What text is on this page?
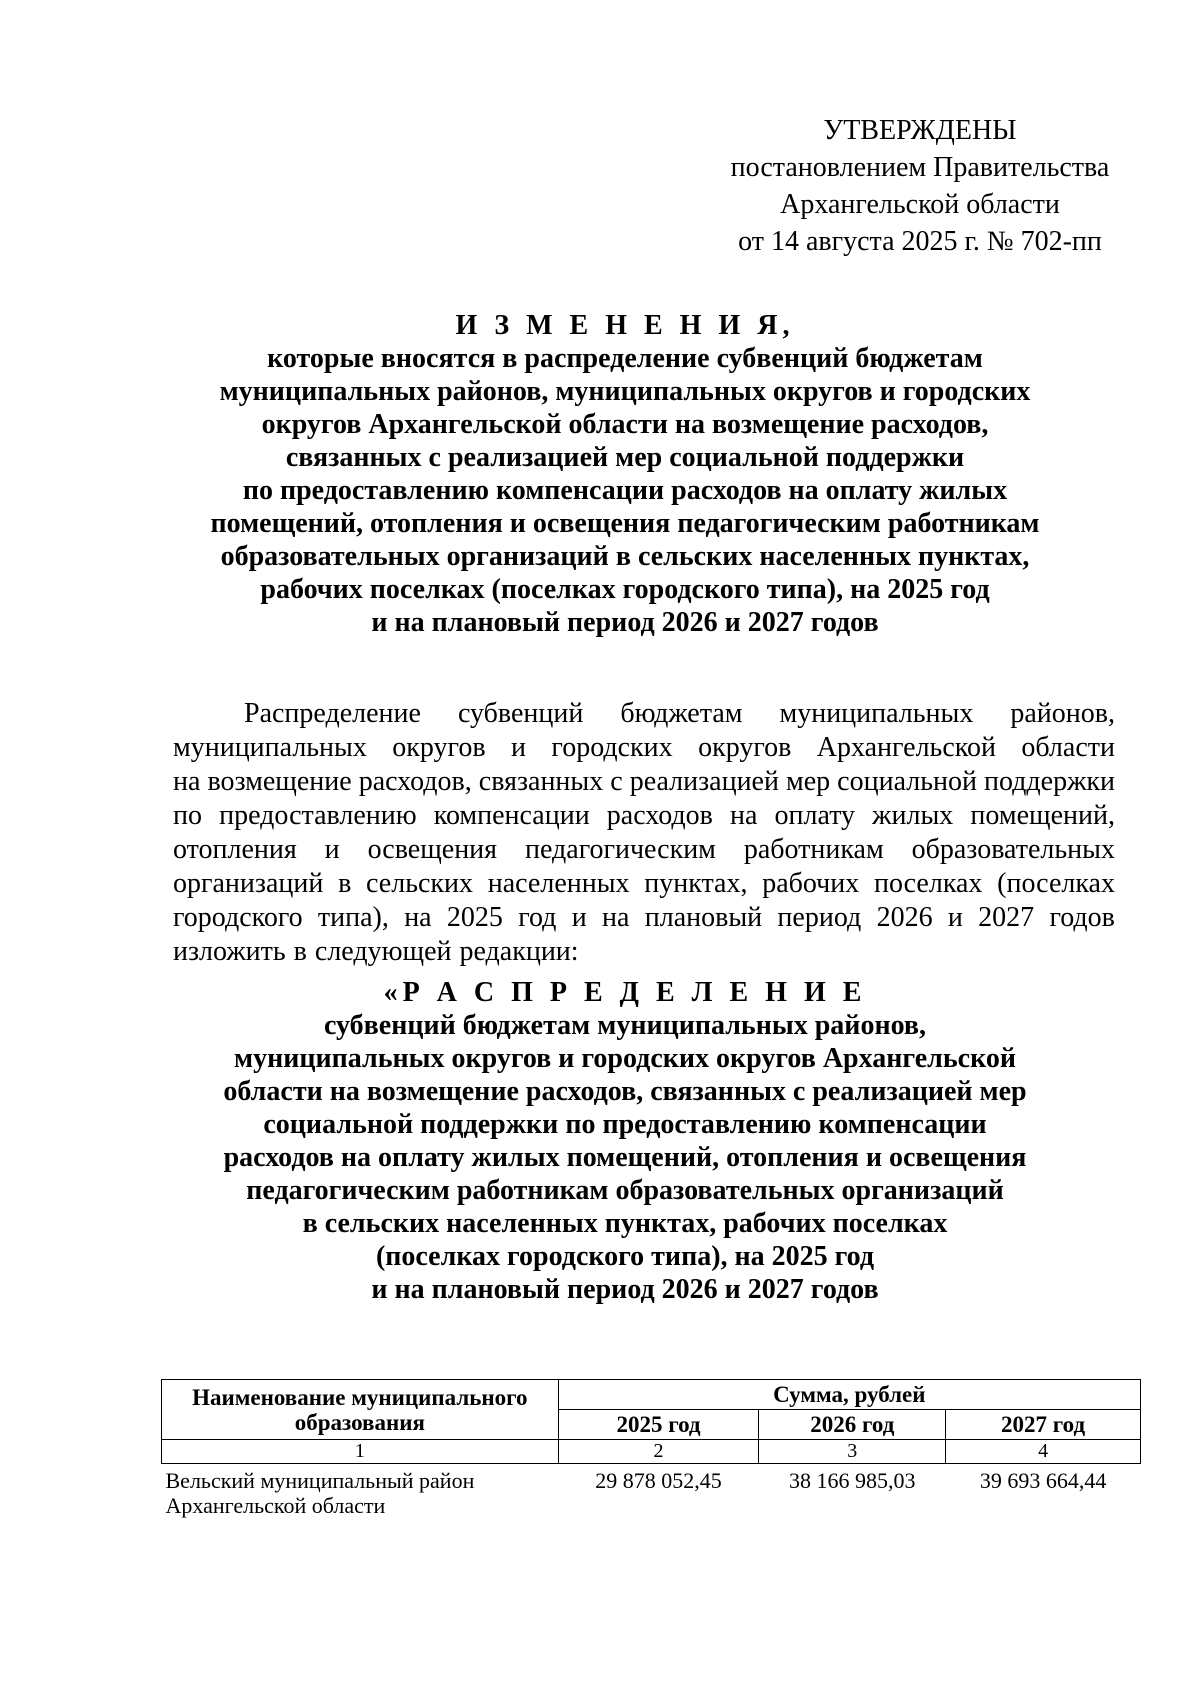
УТВЕРЖДЕНЫ
постановлением Правительства
Архангельской области
от 14 августа 2025 г. № 702-пп
И З М Е Н Е Н И Я,
которые вносятся в распределение субвенций бюджетам
муниципальных районов, муниципальных округов и городских
округов Архангельской области на возмещение расходов,
связанных с реализацией мер социальной поддержки
по предоставлению компенсации расходов на оплату жилых
помещений, отопления и освещения педагогическим работникам
образовательных организаций в сельских населенных пунктах,
рабочих поселках (поселках городского типа), на 2025 год
и на плановый период 2026 и 2027 годов
Распределение субвенций бюджетам муниципальных районов,
муниципальных округов и городских округов Архангельской области
на возмещение расходов, связанных с реализацией мер социальной поддержки
по предоставлению компенсации расходов на оплату жилых помещений,
отопления и освещения педагогическим работникам образовательных
организаций в сельских населенных пунктах, рабочих поселках (поселках
городского типа), на 2025 год и на плановый период 2026 и 2027 годов
изложить в следующей редакции:
«Р А С П Р Е Д Е Л Е Н И Е
субвенций бюджетам муниципальных районов,
муниципальных округов и городских округов Архангельской
области на возмещение расходов, связанных с реализацией мер
социальной поддержки по предоставлению компенсации
расходов на оплату жилых помещений, отопления и освещения
педагогическим работникам образовательных организаций
в сельских населенных пунктах, рабочих поселках
(поселках городского типа), на 2025 год
и на плановый период 2026 и 2027 годов
Наименование муниципального
образования	Сумма, рублей		
	2025 год	2026 год	2027 год
1	2	3	4

Вельский муниципальный район
Архангельской области	29 878 052,45	38 166 985,03	39 693 664,44
